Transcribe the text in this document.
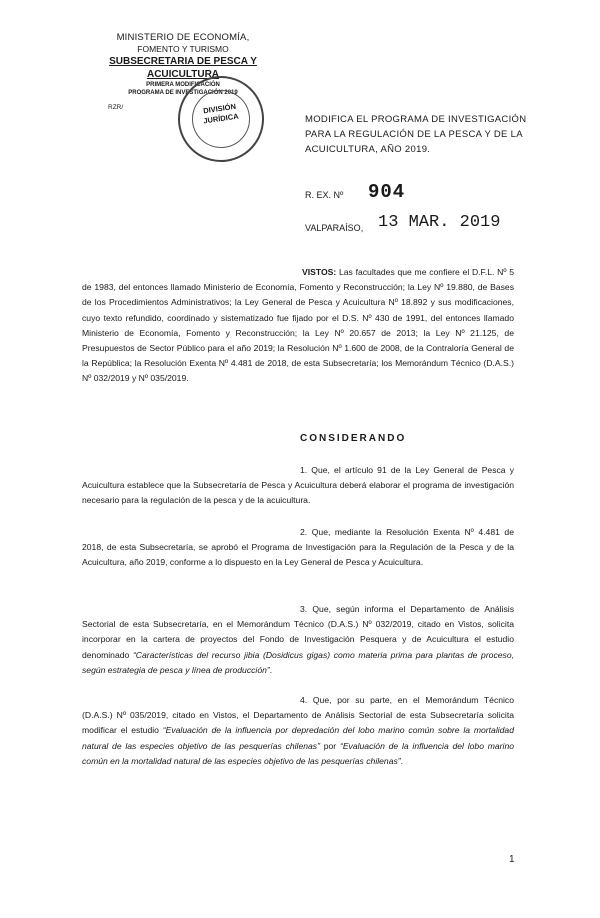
MINISTERIO DE ECONOMÍA,
FOMENTO Y TURISMO
SUBSECRETARIA DE PESCA Y ACUICULTURA
PRIMERA MODIFICACIÓN
PROGRAMA DE INVESTIGACIÓN 2019
RZR/	DIVISIÓN
JURÍDICA	MODIFICA EL PROGRAMA DE INVESTIGACIÓN PARA LA REGULACIÓN DE LA PESCA Y DE LA ACUICULTURA, AÑO 2019.
R. EX. Nº 904
VALPARAÍSO, 13 MAR. 2019
VISTOS: Las facultades que me confiere el D.F.L. Nº 5 de 1983, del entonces llamado Ministerio de Economía, Fomento y Reconstrucción; la Ley Nº 19.880, de Bases de los Procedimientos Administrativos; la Ley General de Pesca y Acuicultura Nº 18.892 y sus modificaciones, cuyo texto refundido, coordinado y sistematizado fue fijado por el D.S. Nº 430 de 1991, del entonces llamado Ministerio de Economía, Fomento y Reconstrucción; la Ley Nº 20.657 de 2013; la Ley Nº 21.125, de Presupuestos de Sector Público para el año 2019; la Resolución Nº 1.600 de 2008, de la Contraloría General de la República; la Resolución Exenta Nº 4.481 de 2018, de esta Subsecretaría; los Memorándum Técnico (D.A.S.) Nº 032/2019 y Nº 035/2019.
CONSIDERANDO
1. Que, el artículo 91 de la Ley General de Pesca y Acuicultura establece que la Subsecretaría de Pesca y Acuicultura deberá elaborar el programa de investigación necesario para la regulación de la pesca y de la acuicultura.
2. Que, mediante la Resolución Exenta Nº 4.481 de 2018, de esta Subsecretaría, se aprobó el Programa de Investigación para la Regulación de la Pesca y de la Acuicultura, año 2019, conforme a lo dispuesto en la Ley General de Pesca y Acuicultura.
3. Que, según informa el Departamento de Análisis Sectorial de esta Subsecretaría, en el Memorándum Técnico (D.A.S.) Nº 032/2019, citado en Vistos, solicita incorporar en la cartera de proyectos del Fondo de Investigación Pesquera y de Acuicultura el estudio denominado “Características del recurso jibia (Dosidicus gigas) como materia prima para plantas de proceso, según estrategia de pesca y línea de producción”.
4. Que, por su parte, en el Memorándum Técnico (D.A.S.) Nº 035/2019, citado en Vistos, el Departamento de Análisis Sectorial de esta Subsecretaría solicita modificar el estudio “Evaluación de la influencia por depredación del lobo marino común sobre la mortalidad natural de las especies objetivo de las pesquerías chilenas” por “Evaluación de la influencia del lobo marino común en la mortalidad natural de las especies objetivo de las pesquerías chilenas”.
1
